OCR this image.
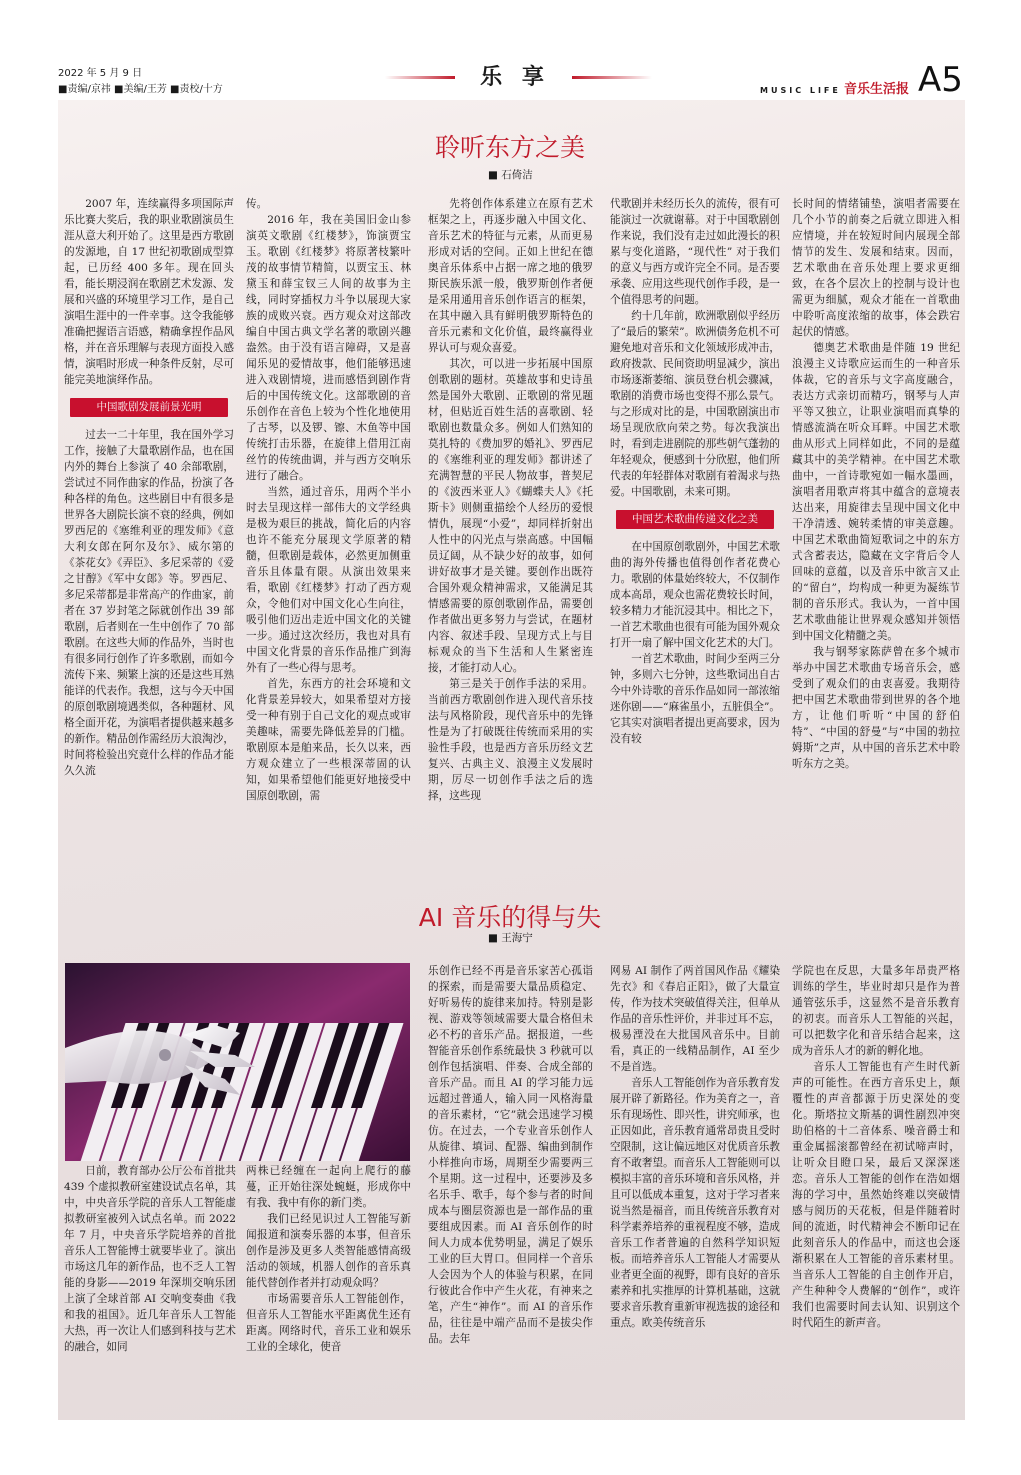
2022 年 5 月 9 日
■责编/京祎 ■美编/王芳 ■责校/十方	乐 享
MUSIC LIFE 音乐生活报 A5
聆听东方之美
■ 石倚洁

2007 年，连续赢得多项国际声乐比赛大奖后，我的职业歌剧演员生涯从意大利开始了。这里是西方歌剧的发源地，自 17 世纪初歌剧成型算起，已历经 400 多年。现在回头看，能长期浸润在歌剧艺术发源、发展和兴盛的环境里学习工作，是自己演唱生涯中的一件幸事。这令我能够准确把握语言语感，精确拿捏作品风格，并在音乐理解与表现方面投入感情，演唱时形成一种条件反射，尽可能完美地演绎作品。

中国歌剧发展前景光明

过去一二十年里，我在国外学习工作，接触了大量歌剧作品，也在国内外的舞台上参演了 40 余部歌剧，尝试过不同作曲家的作品，扮演了各种各样的角色。这些剧目中有很多是世界各大剧院长演不衰的经典，例如罗西尼的《塞维利亚的理发师》《意大利女郎在阿尔及尔》、威尔第的《茶花女》《弄臣》、多尼采蒂的《爱之甘醇》《军中女郎》等。罗西尼、多尼采蒂都是非常高产的作曲家，前者在 37 岁封笔之际就创作出 39 部歌剧，后者则在一生中创作了 70 部歌剧。在这些大师的作品外，当时也有很多同行创作了许多歌剧，而如今流传下来、频繁上演的还是这些耳熟能详的代表作。我想，这与今天中国的原创歌剧境遇类似，各种题材、风格全面开花，为演唱者提供越来越多的新作。精品创作需经历大浪淘沙，时间将检验出究竟什么样的作品才能久久流

传。

2016 年，我在美国旧金山参演英文歌剧《红楼梦》，饰演贾宝玉。歌剧《红楼梦》将原著枝繁叶茂的故事情节精简，以贾宝玉、林黛玉和薛宝钗三人间的故事为主线，同时穿插权力斗争以展现大家族的成败兴衰。西方观众对这部改编自中国古典文学名著的歌剧兴趣盎然。由于没有语言障碍，又是喜闻乐见的爱情故事，他们能够迅速进入戏剧情境，进而感悟到剧作背后的中国传统文化。这部歌剧的音乐创作在音色上较为个性化地使用了古琴，以及锣、镲、木鱼等中国传统打击乐器，在旋律上借用江南丝竹的传统曲调，并与西方交响乐进行了融合。

当然，通过音乐，用两个半小时去呈现这样一部伟大的文学经典是极为艰巨的挑战，简化后的内容也许不能充分展现文学原著的精髓，但歌剧是载体，必然更加侧重音乐且体量有限。从演出效果来看，歌剧《红楼梦》打动了西方观众，令他们对中国文化心生向往，吸引他们迈出走近中国文化的关键一步。通过这次经历，我也对具有中国文化背景的音乐作品推广到海外有了一些心得与思考。

首先，东西方的社会环境和文化背景差异较大，如果希望对方接受一种有别于自己文化的观点或审美趣味，需要先降低差异的门槛。歌剧原本是舶来品，长久以来，西方观众建立了一些根深蒂固的认知，如果希望他们能更好地接受中国原创歌剧，需

先将创作体系建立在原有艺术框架之上，再逐步融入中国文化、音乐艺术的特征与元素，从而更易形成对话的空间。正如上世纪在德奥音乐体系中占据一席之地的俄罗斯民族乐派一般，俄罗斯创作者便是采用通用音乐创作语言的框架，在其中融入具有鲜明俄罗斯特色的音乐元素和文化价值，最终赢得业界认可与观众喜爱。

其次，可以进一步拓展中国原创歌剧的题材。英雄故事和史诗虽然是国外大歌剧、正歌剧的常见题材，但贴近百姓生活的喜歌剧、轻歌剧也数量众多。例如人们熟知的莫扎特的《费加罗的婚礼》、罗西尼的《塞维利亚的理发师》都讲述了充满智慧的平民人物故事，普契尼的《波西米亚人》《蝴蝶夫人》《托斯卡》则侧重描绘个人经历的爱恨情仇，展现“小爱”，却同样折射出人性中的闪光点与崇高感。中国幅员辽阔，从不缺少好的故事，如何讲好故事才是关键。要创作出既符合国外观众精神需求，又能满足其情感需要的原创歌剧作品，需要创作者做出更多努力与尝试，在题材内容、叙述手段、呈现方式上与目标观众的当下生活和人生紧密连接，才能打动人心。

第三是关于创作手法的采用。当前西方歌剧创作进入现代音乐技法与风格阶段，现代音乐中的先锋性是为了打破既往传统而采用的实验性手段，也是西方音乐历经文艺复兴、古典主义、浪漫主义发展时期，厉尽一切创作手法之后的选择，这些现

代歌剧并未经历长久的流传，很有可能演过一次就谢幕。对于中国歌剧创作来说，我们没有走过如此漫长的积累与变化道路，“现代性” 对于我们的意义与西方或许完全不同。是否要承袭、应用这些现代创作手段，是一个值得思考的问题。

约十几年前，欧洲歌剧似乎经历了“最后的繁荣”。欧洲债务危机不可避免地对音乐和文化领域形成冲击，政府拨款、民间资助明显减少，演出市场逐渐萎缩、演员登台机会骤减，歌剧的消费市场也变得不那么景气。与之形成对比的是，中国歌剧演出市场呈现欣欣向荣之势。每次我演出时，看到走进剧院的那些朝气蓬勃的年轻观众，便感到十分欣慰，他们所代表的年轻群体对歌剧有着渴求与热爱。中国歌剧，未来可期。

中国艺术歌曲传递文化之美

在中国原创歌剧外，中国艺术歌曲的海外传播也值得创作者花费心力。歌剧的体量始终较大，不仅制作成本高昂，观众也需花费较长时间，较多精力才能沉浸其中。相比之下，一首艺术歌曲也很有可能为国外观众打开一扇了解中国文化艺术的大门。

一首艺术歌曲，时间少至两三分钟，多则六七分钟，这些歌词出自古今中外诗歌的音乐作品如同一部浓缩迷你剧——“麻雀虽小，五脏俱全”。它其实对演唱者提出更高要求，因为没有较

长时间的情绪铺垫，演唱者需要在几个小节的前奏之后就立即进入相应情境，并在较短时间内展现全部情节的发生、发展和结束。因而，艺术歌曲在音乐处理上要求更细致，在各个层次上的控制与设计也需更为细腻，观众才能在一首歌曲中聆听高度浓缩的故事，体会跌宕起伏的情感。

德奥艺术歌曲是伴随 19 世纪浪漫主义诗歌应运而生的一种音乐体裁，它的音乐与文字高度融合，表达方式亲切而精巧，钢琴与人声平等又独立，让职业演唱而真挚的情感流淌在听众耳畔。中国艺术歌曲从形式上同样如此，不同的是蕴藏其中的美学精神。在中国艺术歌曲中，一首诗歌宛如一幅水墨画，演唱者用歌声将其中蕴含的意境表达出来，用旋律去呈现中国文化中干净清透、婉转柔情的审美意趣。中国艺术歌曲简短歌词之中的东方式含蓄表达，隐藏在文字背后令人回味的意蕴，以及音乐中欲言又止的“留白”，均构成一种更为凝练节制的音乐形式。我认为，一首中国艺术歌曲能让世界观众感知并领悟到中国文化精髓之美。

我与钢琴家陈萨曾在多个城市举办中国艺术歌曲专场音乐会，感受到了观众们的由衷喜爱。我期待把中国艺术歌曲带到世界的各个地方，让他们听听“中国的舒伯特”、“中国的舒曼”与“中国的勃拉姆斯”之声，从中国的音乐艺术中聆听东方之美。

AI 音乐的得与失
■ 王海宁

日前，教育部办公厅公布首批共 439 个虚拟教研室建设试点名单，其中，中央音乐学院的音乐人工智能虚拟教研室被列入试点名单。而 2022 年 7 月，中央音乐学院培养的首批音乐人工智能博士就要毕业了。演出市场这几年的新作品，也不乏人工智能的身影——2019 年深圳交响乐团上演了全球首部 AI 交响变奏曲《我和我的祖国》。近几年音乐人工智能大热，再一次让人们感到科技与艺术的融合，如同

两株已经缠在一起向上爬行的藤蔓，正开始往深处蜿蜒，形成你中有我、我中有你的新门类。

我们已经见识过人工智能写新闻报道和演奏乐器的本事，但音乐创作是涉及更多人类智能感情高级活动的领域，机器人创作的音乐真能代替创作者并打动观众吗？

市场需要音乐人工智能创作，但音乐人工智能水平距离优生还有距离。网络时代，音乐工业和娱乐工业的全球化，使音

乐创作已经不再是音乐家苦心孤诣的探索，而是需要大量品质稳定、好听易传的旋律来加持。特别是影视、游戏等领域需要大量合格但未必不朽的音乐产品。据报道，一些智能音乐创作系统最快 3 秒就可以创作包括演唱、伴奏、合成全部的音乐产品。而且 AI 的学习能力远远超过普通人，输入同一风格海量的音乐素材，“它”就会迅速学习模仿。在过去，一个专业音乐创作人从旋律、填词、配器、编曲到制作小样推向市场，周期至少需要两三个星期。这一过程中，还要涉及多名乐手、歌手，每个参与者的时间成本与圈层资源也是一部作品的重要组成因素。而 AI 音乐创作的时间人力成本优势明显，满足了娱乐工业的巨大胃口。但同样一个音乐人会因为个人的体验与积累，在同行彼此合作中产生火花，有神来之笔，产生“神作”。而 AI 的音乐作品，往往是中端产品而不是拔尖作品。去年

网易 AI 制作了两首国风作品《耀染先衣》和《春启正阳》，做了大量宣传，作为技术突破值得关注，但单从作品的音乐性评价，并非过耳不忘，极易湮没在大批国风音乐中。目前看，真正的一线精品制作，AI 至少不是首选。

音乐人工智能创作为音乐教育发展开辟了新路径。作为美育之一，音乐有现场性、即兴性，讲究师承，也正因如此，音乐教育通常昂贵且受时空限制，这让偏远地区对优质音乐教育不敢奢望。而音乐人工智能则可以模拟丰富的音乐环境和音乐风格，并且可以低成本重复，这对于学习者来说当然是福音，而且传统音乐教育对科学素养培养的重视程度不够，造成音乐工作者普遍的自然科学知识短板。而培养音乐人工智能人才需要从业者更全面的视野，即有良好的音乐素养和扎实推厚的计算机基础，这就要求音乐教育重新审视选拔的途径和重点。欧美传统音乐

学院也在反思，大量多年昂贵严格训练的学生，毕业时却只是作为普通管弦乐手，这显然不是音乐教育的初衷。而音乐人工智能的兴起，可以把数字化和音乐结合起来，这成为音乐人才的新的孵化地。

音乐人工智能也有产生时代新声的可能性。在西方音乐史上，颠覆性的声音都源于历史深处的变化。斯塔拉文斯基的调性剧烈冲突助伯格的十二音体系、噪音爵士和重金属摇滚都曾经在初试啼声时，让听众目瞪口呆，最后又深深迷恋。音乐人工智能的创作在浩如烟海的学习中，虽然始终难以突破情感与阅历的天花板，但是伴随着时间的流逝，时代精神会不断印记在此刻音乐人的作品中，而这也会逐渐积累在人工智能的音乐素材里。当音乐人工智能的自主创作开启，产生种种令人费解的“创作”，或许我们也需要时间去认知、识别这个时代陌生的新声音。
